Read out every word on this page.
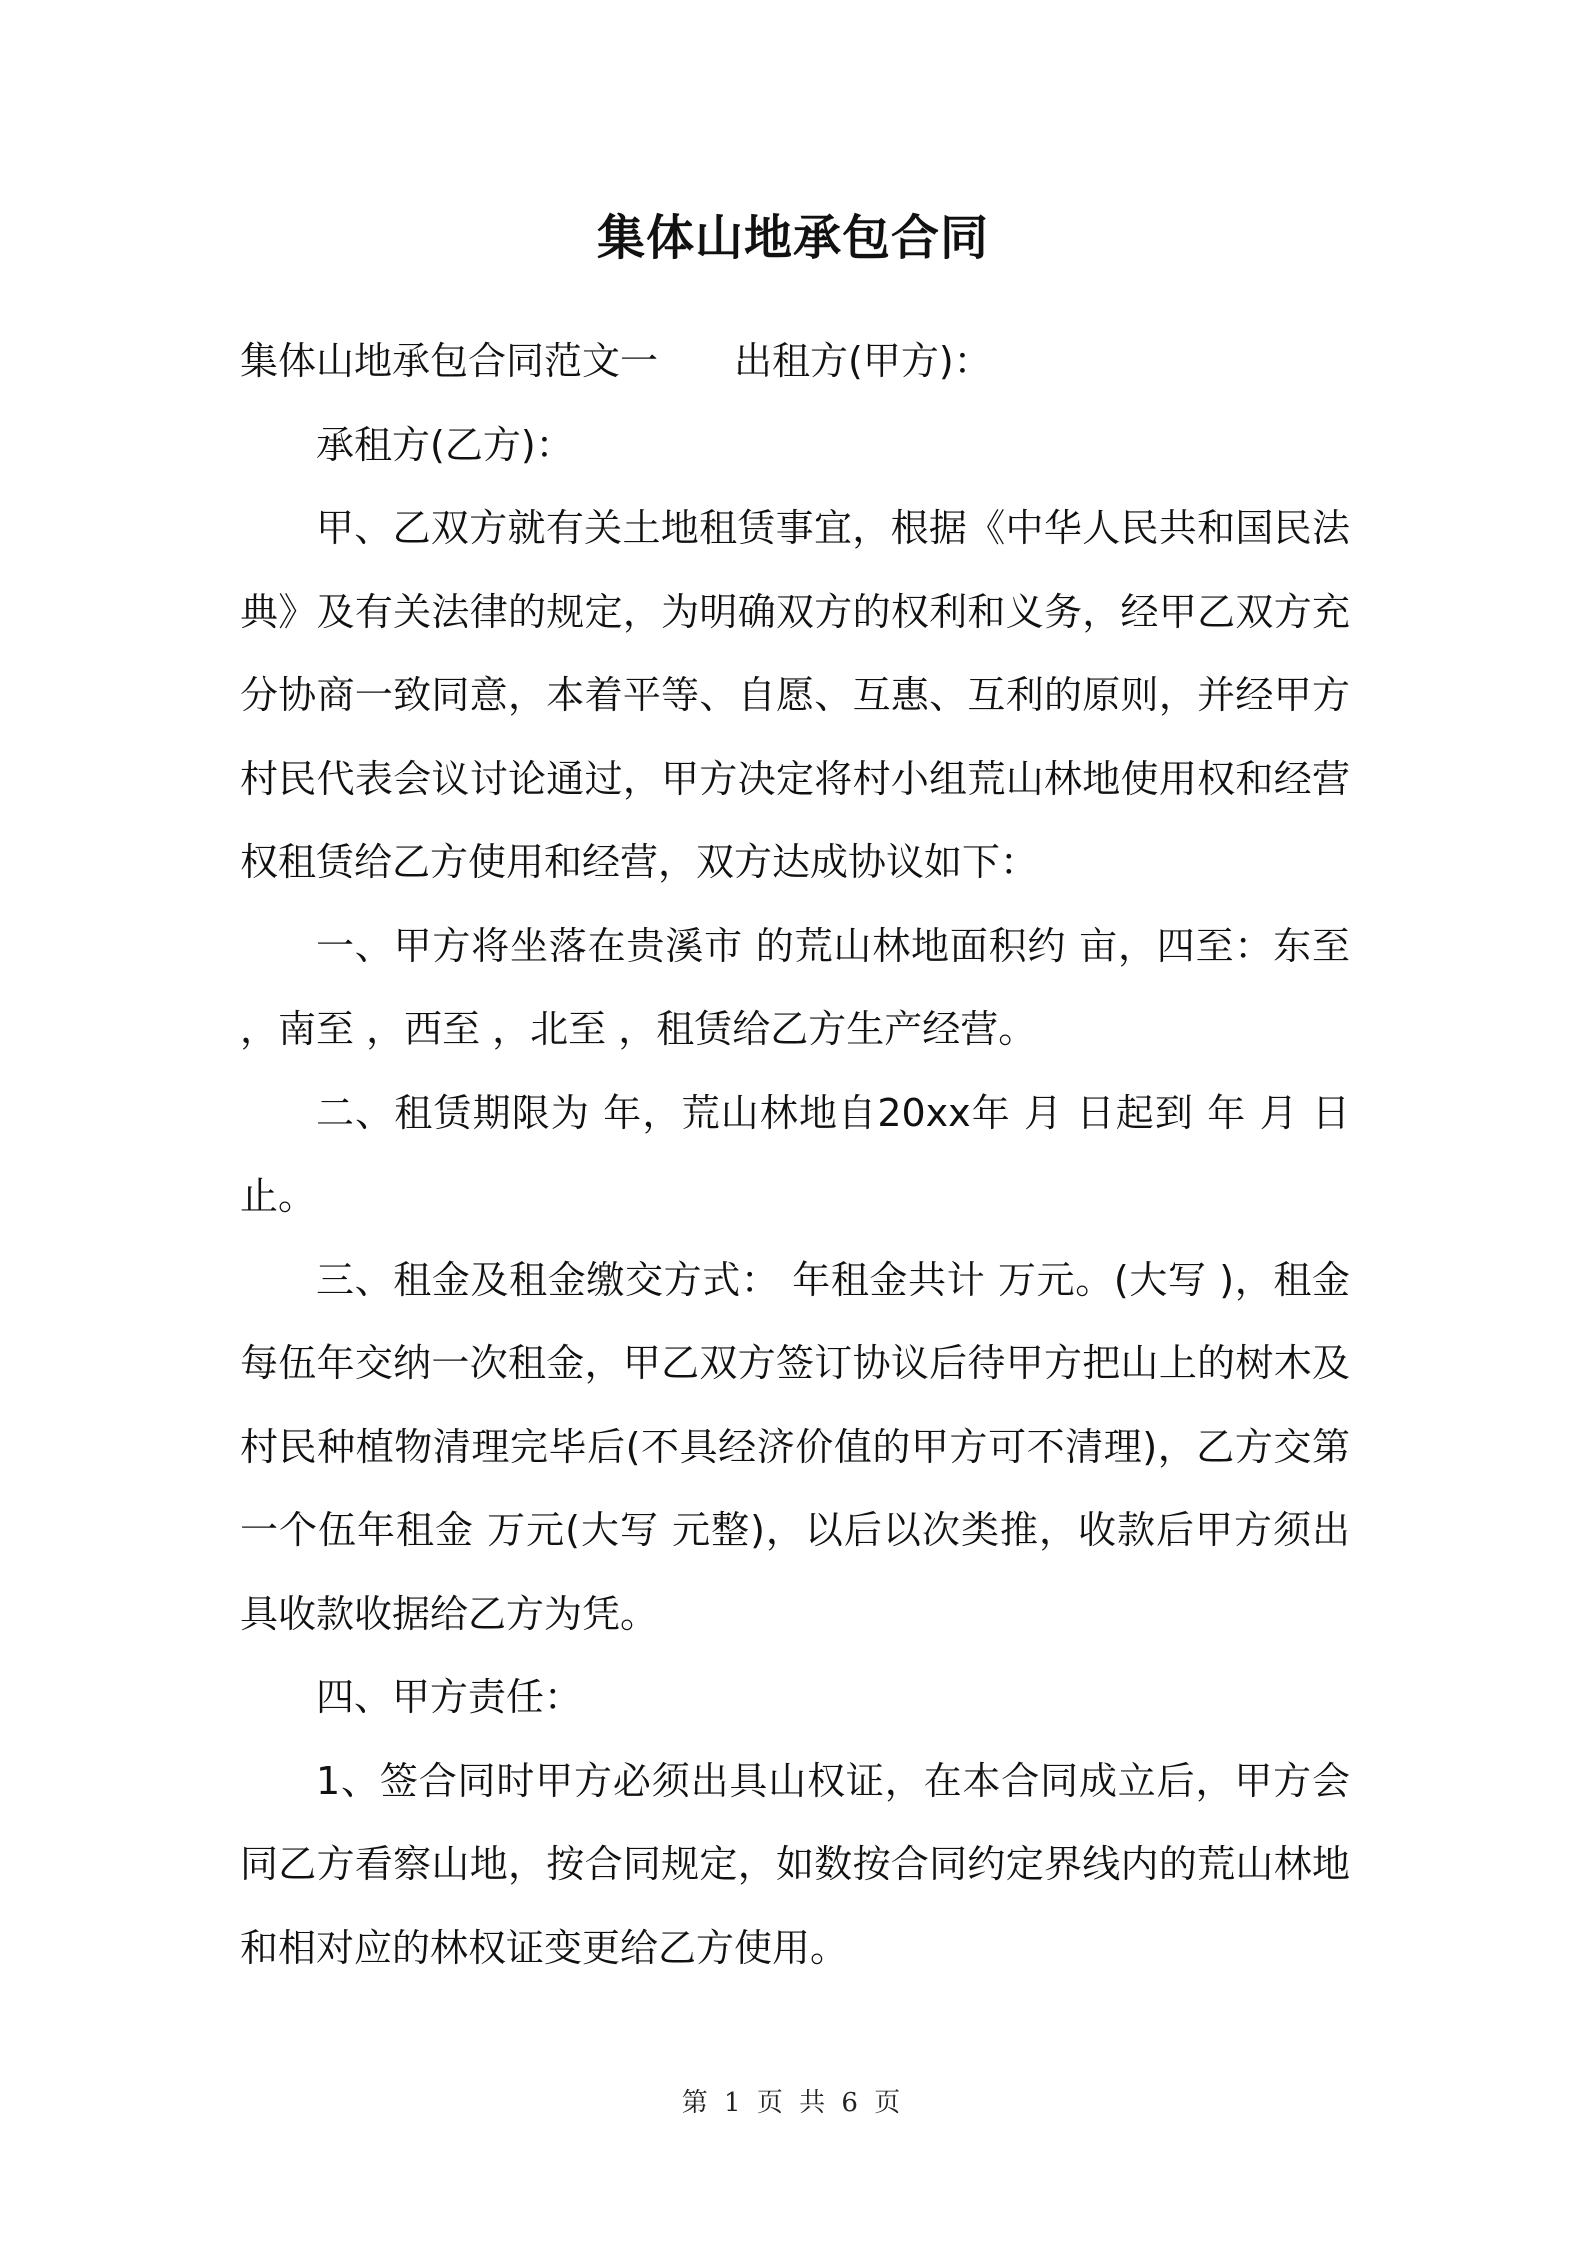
集体山地承包合同

集体山地承包合同范文一 出租方(甲方)：

承租方(乙方)：

甲、乙双方就有关土地租赁事宜，根据《中华人民共和国民法典》及有关法律的规定，为明确双方的权利和义务，经甲乙双方充分协商一致同意，本着平等、自愿、互惠、互利的原则，并经甲方村民代表会议讨论通过，甲方决定将村小组荒山林地使用权和经营权租赁给乙方使用和经营，双方达成协议如下：

一、甲方将坐落在贵溪市 的荒山林地面积约 亩，四至：东至 ，南至 ，西至 ，北至 ，租赁给乙方生产经营。

二、租赁期限为 年，荒山林地自20xx年 月 日起到 年 月 日止。

三、租金及租金缴交方式： 年租金共计 万元。(大写 )，租金每伍年交纳一次租金，甲乙双方签订协议后待甲方把山上的树木及村民种植物清理完毕后(不具经济价值的甲方可不清理)，乙方交第一个伍年租金 万元(大写 元整)，以后以次类推，收款后甲方须出具收款收据给乙方为凭。

四、甲方责任：

1、签合同时甲方必须出具山权证，在本合同成立后，甲方会同乙方看察山地，按合同规定，如数按合同约定界线内的荒山林地和相对应的林权证变更给乙方使用。

第 1 页 共 6 页
